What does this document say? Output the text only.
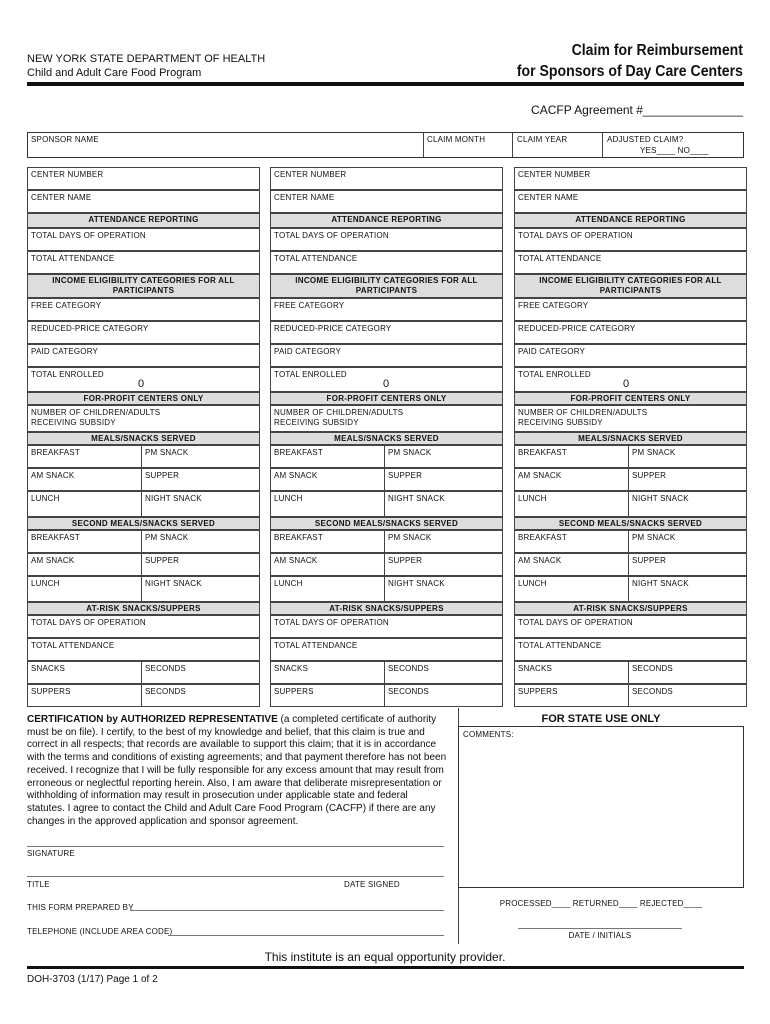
NEW YORK STATE DEPARTMENT OF HEALTH
Child and Adult Care Food Program
Claim for Reimbursement
for Sponsors of Day Care Centers
CACFP Agreement #_______________
SPONSOR NAME	CLAIM MONTH	CLAIM YEAR	ADJUSTED CLAIM?
YES____ NO____
CENTER NUMBER
CENTER NAME
ATTENDANCE REPORTING
TOTAL DAYS OF OPERATION
TOTAL ATTENDANCE
INCOME ELIGIBILITY CATEGORIES FOR ALL PARTICIPANTS
FREE CATEGORY
REDUCED-PRICE CATEGORY
PAID CATEGORY
TOTAL ENROLLED
0
FOR-PROFIT CENTERS ONLY
NUMBER OF CHILDREN/ADULTS
RECEIVING SUBSIDY
MEALS/SNACKS SERVED
BREAKFAST	PM SNACK
AM SNACK	SUPPER
LUNCH	NIGHT SNACK
SECOND MEALS/SNACKS SERVED
BREAKFAST	PM SNACK
AM SNACK	SUPPER
LUNCH	NIGHT SNACK
AT-RISK SNACKS/SUPPERS
TOTAL DAYS OF OPERATION
TOTAL ATTENDANCE
SNACKS	SECONDS
SUPPERS	SECONDS
CENTER NUMBER
CENTER NAME
ATTENDANCE REPORTING
TOTAL DAYS OF OPERATION
TOTAL ATTENDANCE
INCOME ELIGIBILITY CATEGORIES FOR ALL PARTICIPANTS
FREE CATEGORY
REDUCED-PRICE CATEGORY
PAID CATEGORY
TOTAL ENROLLED
0
FOR-PROFIT CENTERS ONLY
NUMBER OF CHILDREN/ADULTS
RECEIVING SUBSIDY
MEALS/SNACKS SERVED
BREAKFAST	PM SNACK
AM SNACK	SUPPER
LUNCH	NIGHT SNACK
SECOND MEALS/SNACKS SERVED
BREAKFAST	PM SNACK
AM SNACK	SUPPER
LUNCH	NIGHT SNACK
AT-RISK SNACKS/SUPPERS
TOTAL DAYS OF OPERATION
TOTAL ATTENDANCE
SNACKS	SECONDS
SUPPERS	SECONDS
CENTER NUMBER
CENTER NAME
ATTENDANCE REPORTING
TOTAL DAYS OF OPERATION
TOTAL ATTENDANCE
INCOME ELIGIBILITY CATEGORIES FOR ALL PARTICIPANTS
FREE CATEGORY
REDUCED-PRICE CATEGORY
PAID CATEGORY
TOTAL ENROLLED
0
FOR-PROFIT CENTERS ONLY
NUMBER OF CHILDREN/ADULTS
RECEIVING SUBSIDY
MEALS/SNACKS SERVED
BREAKFAST	PM SNACK
AM SNACK	SUPPER
LUNCH	NIGHT SNACK
SECOND MEALS/SNACKS SERVED
BREAKFAST	PM SNACK
AM SNACK	SUPPER
LUNCH	NIGHT SNACK
AT-RISK SNACKS/SUPPERS
TOTAL DAYS OF OPERATION
TOTAL ATTENDANCE
SNACKS	SECONDS
SUPPERS	SECONDS
CERTIFICATION by AUTHORIZED REPRESENTATIVE (a completed certificate of authority must be on file). I certify, to the best of my knowledge and belief, that this claim is true and correct in all respects; that records are available to support this claim; that it is in accordance with the terms and conditions of existing agreements; and that payment therefore has not been received. I recognize that I will be fully responsible for any excess amount that may result from erroneous or neglectful reporting herein. Also, I am aware that deliberate misrepresentation or withholding of information may result in prosecution under applicable state and federal statutes. I agree to contact the Child and Adult Care Food Program (CACFP) if there are any changes in the approved application and sponsor agreement.
SIGNATURE
TITLE	DATE SIGNED
THIS FORM PREPARED BY
TELEPHONE (INCLUDE AREA CODE)
FOR STATE USE ONLY
COMMENTS:
PROCESSED____ RETURNED____ REJECTED____
DATE / INITIALS
This institute is an equal opportunity provider.
DOH-3703 (1/17) Page 1 of 2
